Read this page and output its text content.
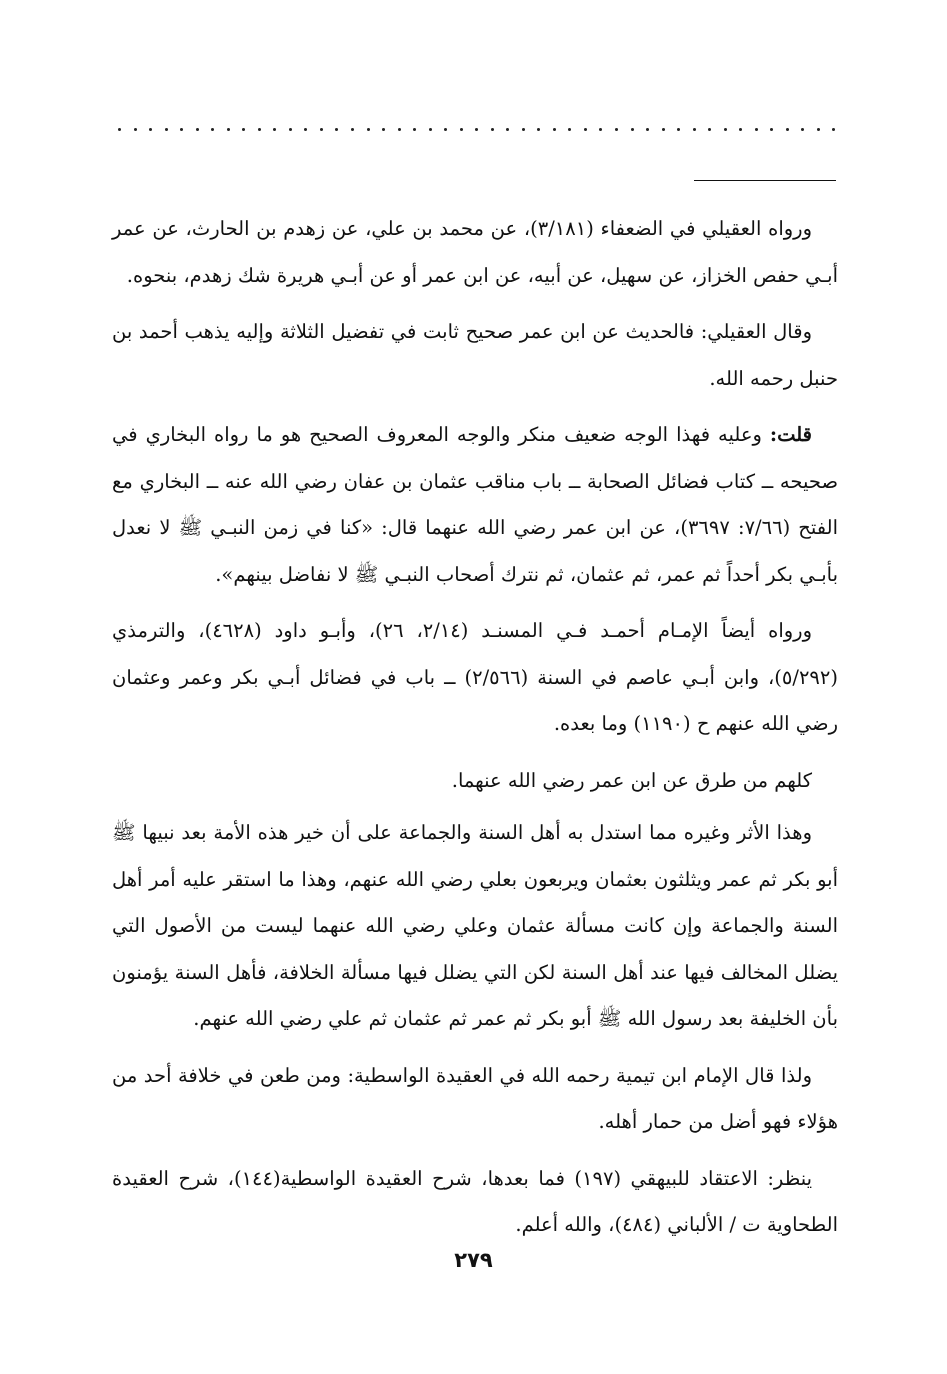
ورواه العقيلي في الضعفاء (٣/١٨١)، عن محمد بن علي، عن زهدم بن الحارث، عن عمر أبـي حفص الخزاز، عن سهيل، عن أبيه، عن ابن عمر أو عن أبـي هريرة شك زهدم، بنحوه.

وقال العقيلي: فالحديث عن ابن عمر صحيح ثابت في تفضيل الثلاثة وإليه يذهب أحمد بن حنبل رحمه الله.

قلت: وعليه فهذا الوجه ضعيف منكر والوجه المعروف الصحيح هو ما رواه البخاري في صحيحه ــ كتاب فضائل الصحابة ــ باب مناقب عثمان بن عفان رضي الله عنه ــ البخاري مع الفتح (٧/٦٦: ٣٦٩٧)، عن ابن عمر رضي الله عنهما قال: «كنا في زمن النبـي ﷺ لا نعدل بأبـي بكر أحداً ثم عمر، ثم عثمان، ثم نترك أصحاب النبـي ﷺ لا نفاضل بينهم».

ورواه أيضاً الإمـام أحمـد فـي المسنـد (٢/١٤، ٢٦)، وأبـو داود (٤٦٢٨)، والترمذي (٥/٢٩٢)، وابن أبـي عاصم في السنة (٢/٥٦٦) ــ باب في فضائل أبـي بكر وعمر وعثمان رضي الله عنهم ح (١١٩٠) وما بعده.

كلهم من طرق عن ابن عمر رضي الله عنهما.

وهذا الأثر وغيره مما استدل به أهل السنة والجماعة على أن خير هذه الأمة بعد نبيها ﷺ أبو بكر ثم عمر ويثلثون بعثمان ويربعون بعلي رضي الله عنهم، وهذا ما استقر عليه أمر أهل السنة والجماعة وإن كانت مسألة عثمان وعلي رضي الله عنهما ليست من الأصول التي يضلل المخالف فيها عند أهل السنة لكن التي يضلل فيها مسألة الخلافة، فأهل السنة يؤمنون بأن الخليفة بعد رسول الله ﷺ أبو بكر ثم عمر ثم عثمان ثم علي رضي الله عنهم.

ولذا قال الإمام ابن تيمية رحمه الله في العقيدة الواسطية: ومن طعن في خلافة أحد من هؤلاء فهو أضل من حمار أهله.

ينظر: الاعتقاد للبيهقي (١٩٧) فما بعدها، شرح العقيدة الواسطية(١٤٤)، شرح العقيدة الطحاوية ت / الألباني (٤٨٤)، والله أعلم.

٢٧٩
